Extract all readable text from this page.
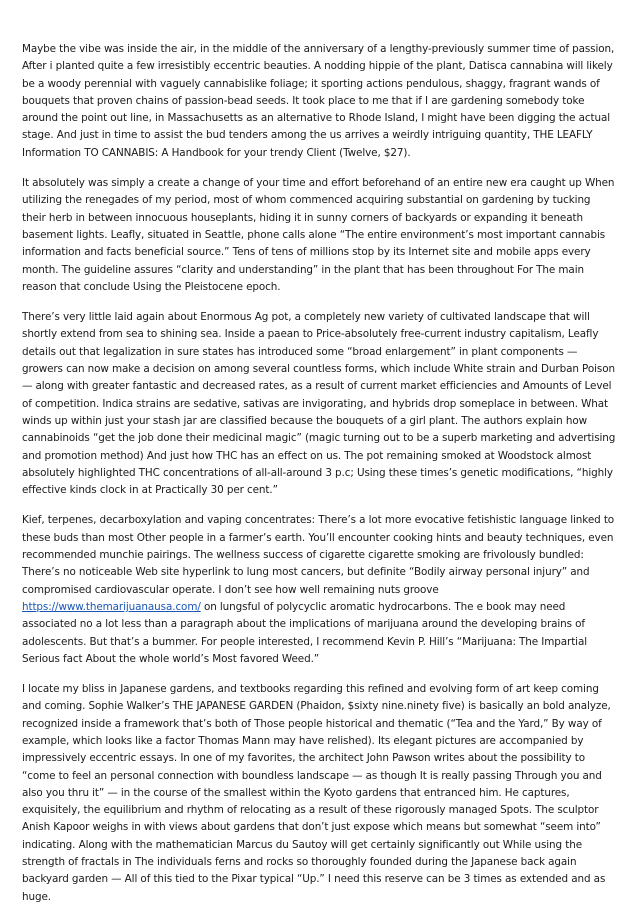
Maybe the vibe was inside the air, in the middle of the anniversary of a lengthy-previously summer time of passion, After i planted quite a few irresistibly eccentric beauties. A nodding hippie of the plant, Datisca cannabina will likely be a woody perennial with vaguely cannabislike foliage; it sporting actions pendulous, shaggy, fragrant wands of bouquets that proven chains of passion-bead seeds. It took place to me that if I are gardening somebody toke around the point out line, in Massachusetts as an alternative to Rhode Island, I might have been digging the actual stage. And just in time to assist the bud tenders among the us arrives a weirdly intriguing quantity, THE LEAFLY Information TO CANNABIS: A Handbook for your trendy Client (Twelve, $27).

It absolutely was simply a create a change of your time and effort beforehand of an entire new era caught up When utilizing the renegades of my period, most of whom commenced acquiring substantial on gardening by tucking their herb in between innocuous houseplants, hiding it in sunny corners of backyards or expanding it beneath basement lights. Leafly, situated in Seattle, phone calls alone “The entire environment’s most important cannabis information and facts beneficial source.” Tens of tens of millions stop by its Internet site and mobile apps every month. The guideline assures “clarity and understanding” in the plant that has been throughout For The main reason that conclude Using the Pleistocene epoch.

There’s very little laid again about Enormous Ag pot, a completely new variety of cultivated landscape that will shortly extend from sea to shining sea. Inside a paean to Price-absolutely free-current industry capitalism, Leafly details out that legalization in sure states has introduced some “broad enlargement” in plant components — growers can now make a decision on among several countless forms, which include White strain and Durban Poison — along with greater fantastic and decreased rates, as a result of current market efficiencies and Amounts of Level of competition. Indica strains are sedative, sativas are invigorating, and hybrids drop someplace in between. What winds up within just your stash jar are classified because the bouquets of a girl plant. The authors explain how cannabinoids “get the job done their medicinal magic” (magic turning out to be a superb marketing and advertising and promotion method) And just how THC has an effect on us. The pot remaining smoked at Woodstock almost absolutely highlighted THC concentrations of all-all-around 3 p.c; Using these times’s genetic modifications, “highly effective kinds clock in at Practically 30 per cent.”

Kief, terpenes, decarboxylation and vaping concentrates: There’s a lot more evocative fetishistic language linked to these buds than most Other people in a farmer’s earth. You’ll encounter cooking hints and beauty techniques, even recommended munchie pairings. The wellness success of cigarette cigarette smoking are frivolously bundled: There’s no noticeable Web site hyperlink to lung most cancers, but definite “Bodily airway personal injury” and compromised cardiovascular operate. I don’t see how well remaining nuts groove https://www.themarijuanausa.com/ on lungsful of polycyclic aromatic hydrocarbons. The e book may need associated no a lot less than a paragraph about the implications of marijuana around the developing brains of adolescents. But that’s a bummer. For people interested, I recommend Kevin P. Hill’s “Marijuana: The Impartial Serious fact About the whole world’s Most favored Weed.”

I locate my bliss in Japanese gardens, and textbooks regarding this refined and evolving form of art keep coming and coming. Sophie Walker’s THE JAPANESE GARDEN (Phaidon, $sixty nine.ninety five) is basically an bold analyze, recognized inside a framework that’s both of Those people historical and thematic (“Tea and the Yard,” By way of example, which looks like a factor Thomas Mann may have relished). Its elegant pictures are accompanied by impressively eccentric essays. In one of my favorites, the architect John Pawson writes about the possibility to “come to feel an personal connection with boundless landscape — as though It is really passing Through you and also you thru it” — in the course of the smallest within the Kyoto gardens that entranced him. He captures, exquisitely, the equilibrium and rhythm of relocating as a result of these rigorously managed Spots. The sculptor Anish Kapoor weighs in with views about gardens that don’t just expose which means but somewhat “seem into” indicating. Along with the mathematician Marcus du Sautoy will get certainly significantly out While using the strength of fractals in The individuals ferns and rocks so thoroughly founded during the Japanese back again backyard garden — All of this tied to the Pixar typical “Up.” I need this reserve can be 3 times as extended and as huge.
